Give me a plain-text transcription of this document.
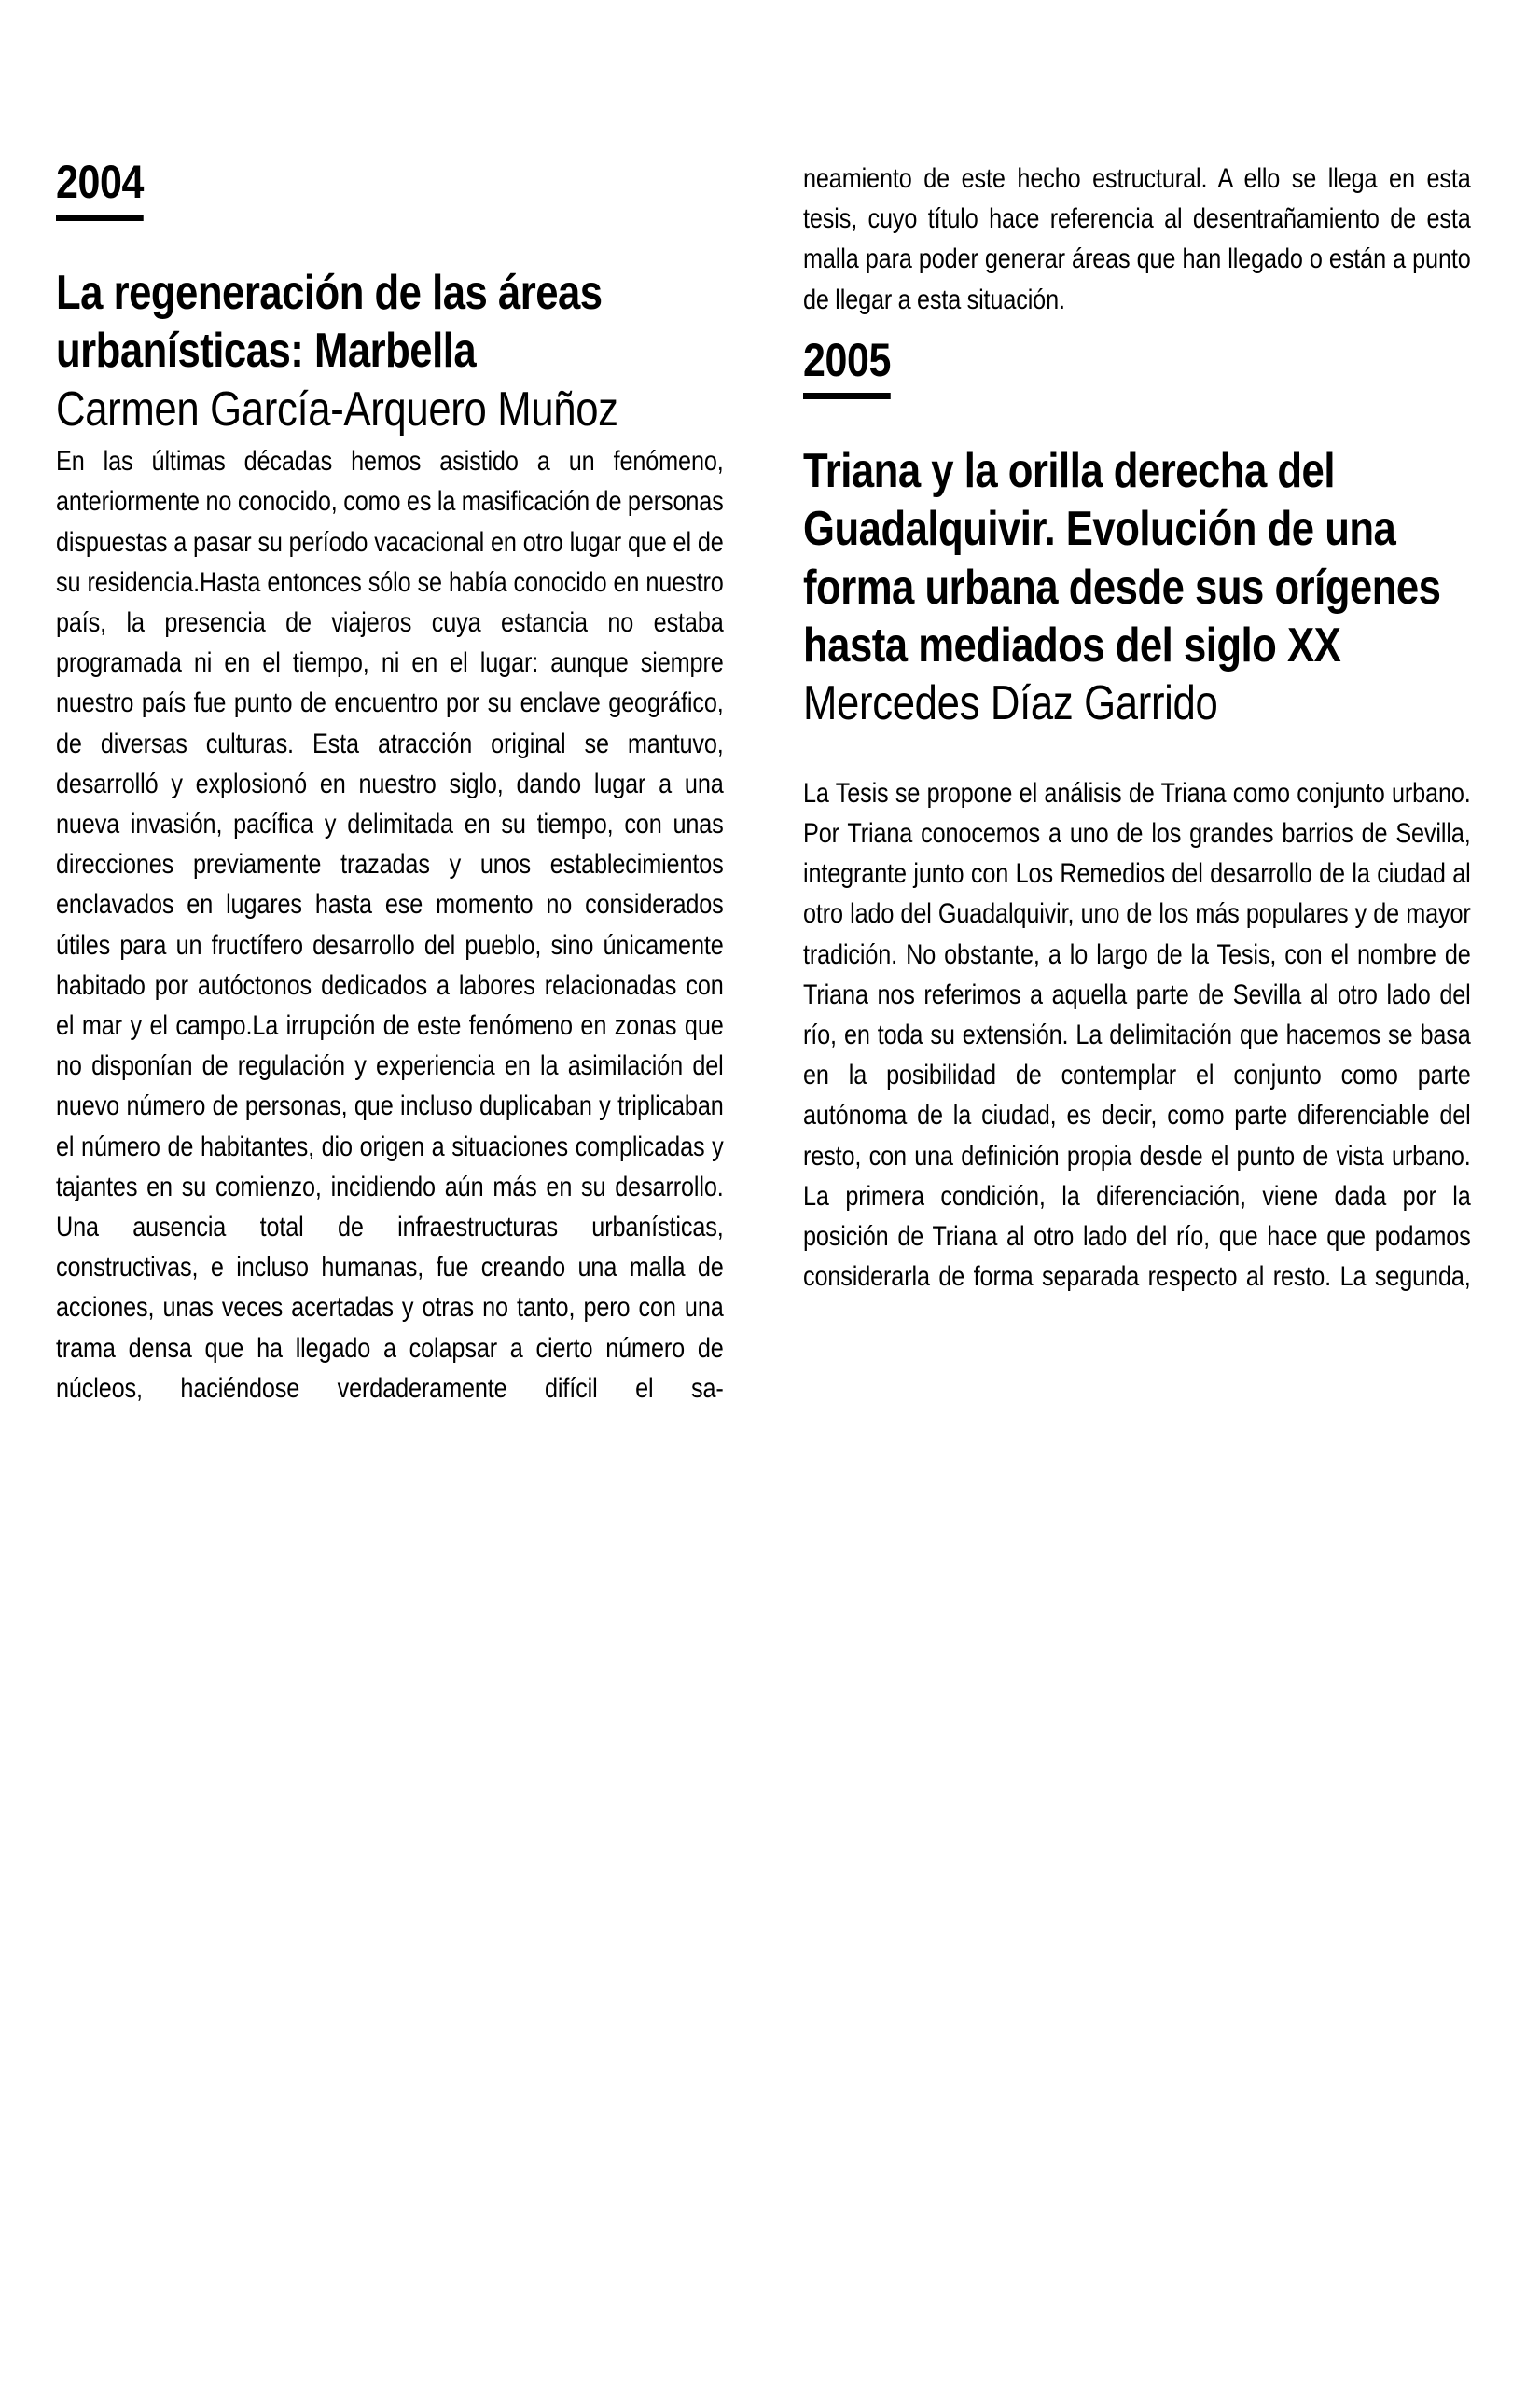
2004
La regeneración de las áreas urbanísticas: Marbella
Carmen García-Arquero Muñoz
En las últimas décadas hemos asistido a un fenómeno, anteriormente no conocido, como es la masificación de personas dispuestas a pasar su período vacacional en otro lugar que el de su residencia.Hasta entonces sólo se había conocido en nuestro país, la presencia de viajeros cuya estancia no estaba programada ni en el tiempo, ni en el lugar: aunque siempre nuestro país fue punto de encuentro por su enclave geográfico, de diversas culturas. Esta atracción original se mantuvo, desarrolló y explosionó en nuestro siglo, dando lugar a una nueva invasión, pacífica y delimitada en su tiempo, con unas direcciones previamente trazadas y unos establecimientos enclavados en lugares hasta ese momento no considerados útiles para un fructífero desarrollo del pueblo, sino únicamente habitado por autóctonos dedicados a labores relacionadas con el mar y el campo.La irrupción de este fenómeno en zonas que no disponían de regulación y experiencia en la asimilación del nuevo número de personas, que incluso duplicaban y triplicaban el número de habitantes, dio origen a situaciones complicadas y tajantes en su comienzo, incidiendo aún más en su desarrollo. Una ausencia total de infraestructuras urbanísticas, constructivas, e incluso humanas, fue creando una malla de acciones, unas veces acertadas y otras no tanto, pero con una trama densa que ha llegado a colapsar a cierto número de núcleos, haciéndose verdaderamente difícil el sa-
neamiento de este hecho estructural. A ello se llega en esta tesis, cuyo título hace referencia al desentrañamiento de esta malla para poder generar áreas que han llegado o están a punto de llegar a esta situación.
2005
Triana y la orilla derecha del Guadalquivir. Evolución de una forma urbana desde sus orígenes hasta mediados del siglo XX
Mercedes Díaz Garrido
La Tesis se propone el análisis de Triana como conjunto urbano. Por Triana conocemos a uno de los grandes barrios de Sevilla, integrante junto con Los Remedios del desarrollo de la ciudad al otro lado del Guadalquivir, uno de los más populares y de mayor tradición. No obstante, a lo largo de la Tesis, con el nombre de Triana nos referimos a aquella parte de Sevilla al otro lado del río, en toda su extensión. La delimitación que hacemos se basa en la posibilidad de contemplar el conjunto como parte autónoma de la ciudad, es decir, como parte diferenciable del resto, con una definición propia desde el punto de vista urbano. La primera condición, la diferenciación, viene dada por la posición de Triana al otro lado del río, que hace que podamos considerarla de forma separada respecto al resto. La segunda,
